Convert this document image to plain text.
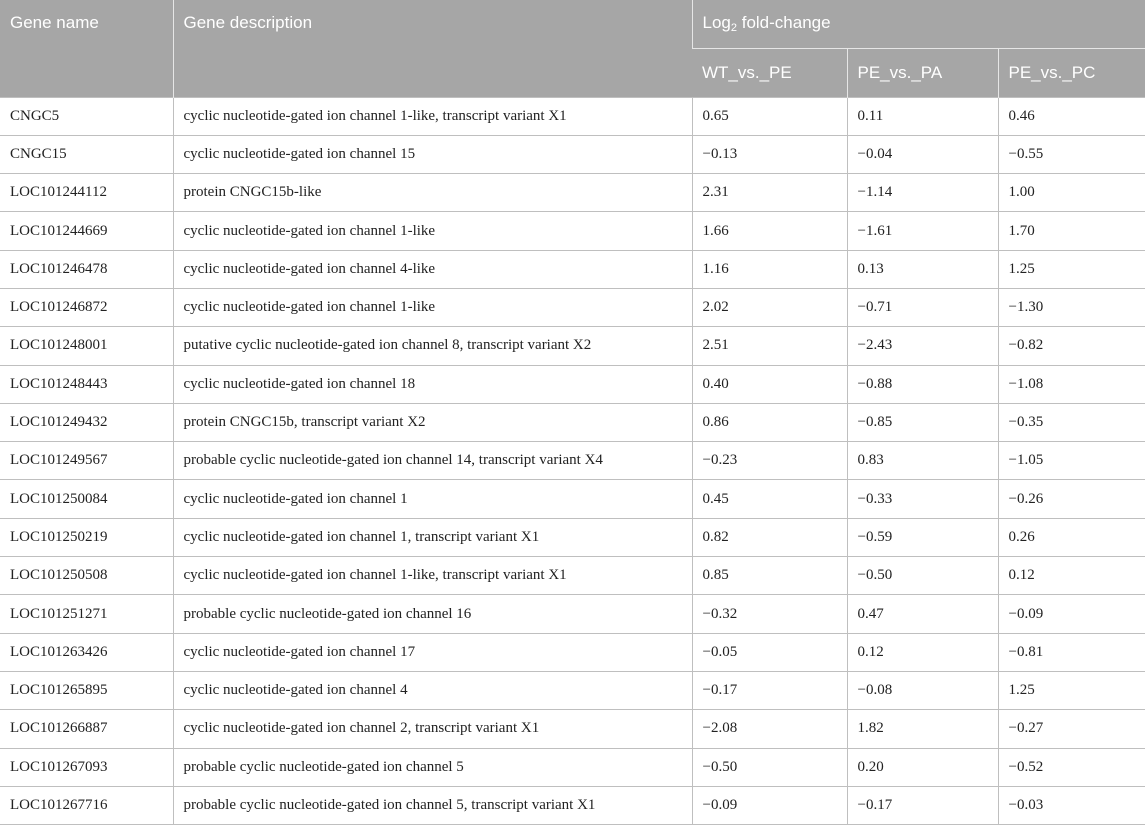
Gene name	Gene description	Log$_2$ fold-change		
		WT_vs._PE	PE_vs._PA	PE_vs._PC
CNGC5	cyclic nucleotide-gated ion channel 1-like, transcript variant X1	0.65	0.11	0.46
CNGC15	cyclic nucleotide-gated ion channel 15	−0.13	−0.04	−0.55
LOC101244112	protein CNGC15b-like	2.31	−1.14	1.00
LOC101244669	cyclic nucleotide-gated ion channel 1-like	1.66	−1.61	1.70
LOC101246478	cyclic nucleotide-gated ion channel 4-like	1.16	0.13	1.25
LOC101246872	cyclic nucleotide-gated ion channel 1-like	2.02	−0.71	−1.30
LOC101248001	putative cyclic nucleotide-gated ion channel 8, transcript variant X2	2.51	−2.43	−0.82
LOC101248443	cyclic nucleotide-gated ion channel 18	0.40	−0.88	−1.08
LOC101249432	protein CNGC15b, transcript variant X2	0.86	−0.85	−0.35
LOC101249567	probable cyclic nucleotide-gated ion channel 14, transcript variant X4	−0.23	0.83	−1.05
LOC101250084	cyclic nucleotide-gated ion channel 1	0.45	−0.33	−0.26
LOC101250219	cyclic nucleotide-gated ion channel 1, transcript variant X1	0.82	−0.59	0.26
LOC101250508	cyclic nucleotide-gated ion channel 1-like, transcript variant X1	0.85	−0.50	0.12
LOC101251271	probable cyclic nucleotide-gated ion channel 16	−0.32	0.47	−0.09
LOC101263426	cyclic nucleotide-gated ion channel 17	−0.05	0.12	−0.81
LOC101265895	cyclic nucleotide-gated ion channel 4	−0.17	−0.08	1.25
LOC101266887	cyclic nucleotide-gated ion channel 2, transcript variant X1	−2.08	1.82	−0.27
LOC101267093	probable cyclic nucleotide-gated ion channel 5	−0.50	0.20	−0.52
LOC101267716	probable cyclic nucleotide-gated ion channel 5, transcript variant X1	−0.09	−0.17	−0.03
